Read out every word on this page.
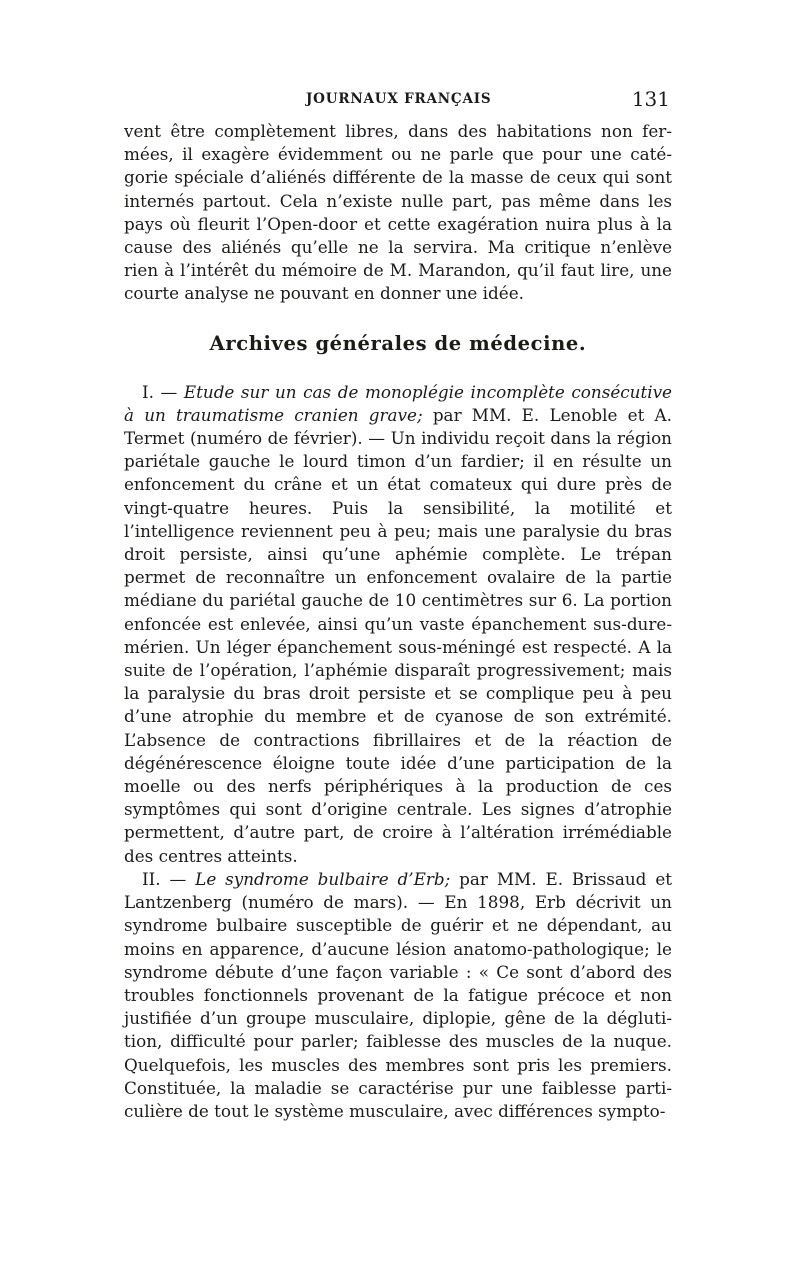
JOURNAUX FRANÇAIS	131

vent être complètement libres, dans des habitations non fermées, il exagère évidemment ou ne parle que pour une catégorie spéciale d’aliénés différente de la masse de ceux qui sont internés partout. Cela n’existe nulle part, pas même dans les pays où fleurit l’Open-door et cette exagération nuira plus à la cause des aliénés qu’elle ne la servira. Ma critique n’enlève rien à l’intérêt du mémoire de M. Marandon, qu’il faut lire, une courte analyse ne pouvant en donner une idée.

Archives générales de médecine.

I. — Etude sur un cas de monoplégie incomplète consécutive à un traumatisme cranien grave; par MM. E. Lenoble et A. Termet (numéro de février). — Un individu reçoit dans la région pariétale gauche le lourd timon d’un fardier; il en résulte un enfoncement du crâne et un état comateux qui dure près de vingt-quatre heures. Puis la sensibilité, la motilité et l’intelligence reviennent peu à peu; mais une paralysie du bras droit persiste, ainsi qu’une aphémie complète. Le trépan permet de reconnaître un enfoncement ovalaire de la partie médiane du pariétal gauche de 10 centimètres sur 6. La portion enfoncée est enlevée, ainsi qu’un vaste épanchement sus-dure-mérien. Un léger épanchement sous-méningé est respecté. A la suite de l’opération, l’aphémie disparaît progressivement; mais la paralysie du bras droit persiste et se complique peu à peu d’une atrophie du membre et de cyanose de son extrémité. L’absence de contractions fibrillaires et de la réaction de dégénérescence éloigne toute idée d’une participation de la moelle ou des nerfs périphériques à la production de ces symptômes qui sont d’origine centrale. Les signes d’atrophie permettent, d’autre part, de croire à l’altération irrémédiable des centres atteints.

II. — Le syndrome bulbaire d’Erb; par MM. E. Brissaud et Lantzenberg (numéro de mars). — En 1898, Erb décrivit un syndrome bulbaire susceptible de guérir et ne dépendant, au moins en apparence, d’aucune lésion anatomo-pathologique; le syndrome débute d’une façon variable : « Ce sont d’abord des troubles fonctionnels provenant de la fatigue précoce et non justifiée d’un groupe musculaire, diplopie, gêne de la déglutition, difficulté pour parler; faiblesse des muscles de la nuque. Quelquefois, les muscles des membres sont pris les premiers. Constituée, la maladie se caractérise pur une faiblesse particulière de tout le système musculaire, avec différences sympto-
